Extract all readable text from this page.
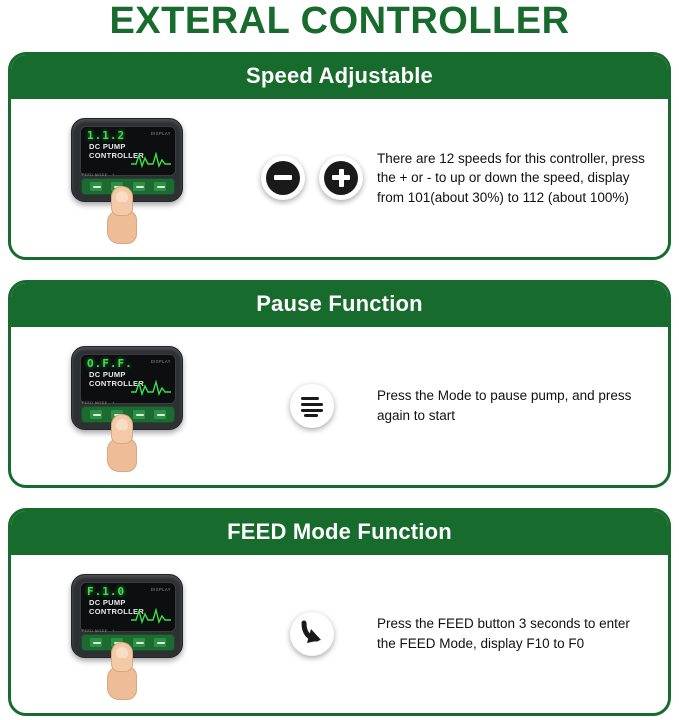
EXTERAL CONTROLLER
Speed Adjustable
1.1.2	DISPLAY
DC PUMP
CONTROLLER
FEED MODE - +
There are 12 speeds for this controller, press the + or - to up or down the speed, display from 101(about 30%) to 112 (about 100%)
Pause Function
O.F.F.	DISPLAY
DC PUMP
CONTROLLER
FEED MODE - +
Press the Mode to pause pump, and press again to start
FEED Mode Function
F.1.0	DISPLAY
DC PUMP
CONTROLLER
FEED MODE - +
Press the FEED button 3 seconds to enter the FEED Mode, display F10 to F0
